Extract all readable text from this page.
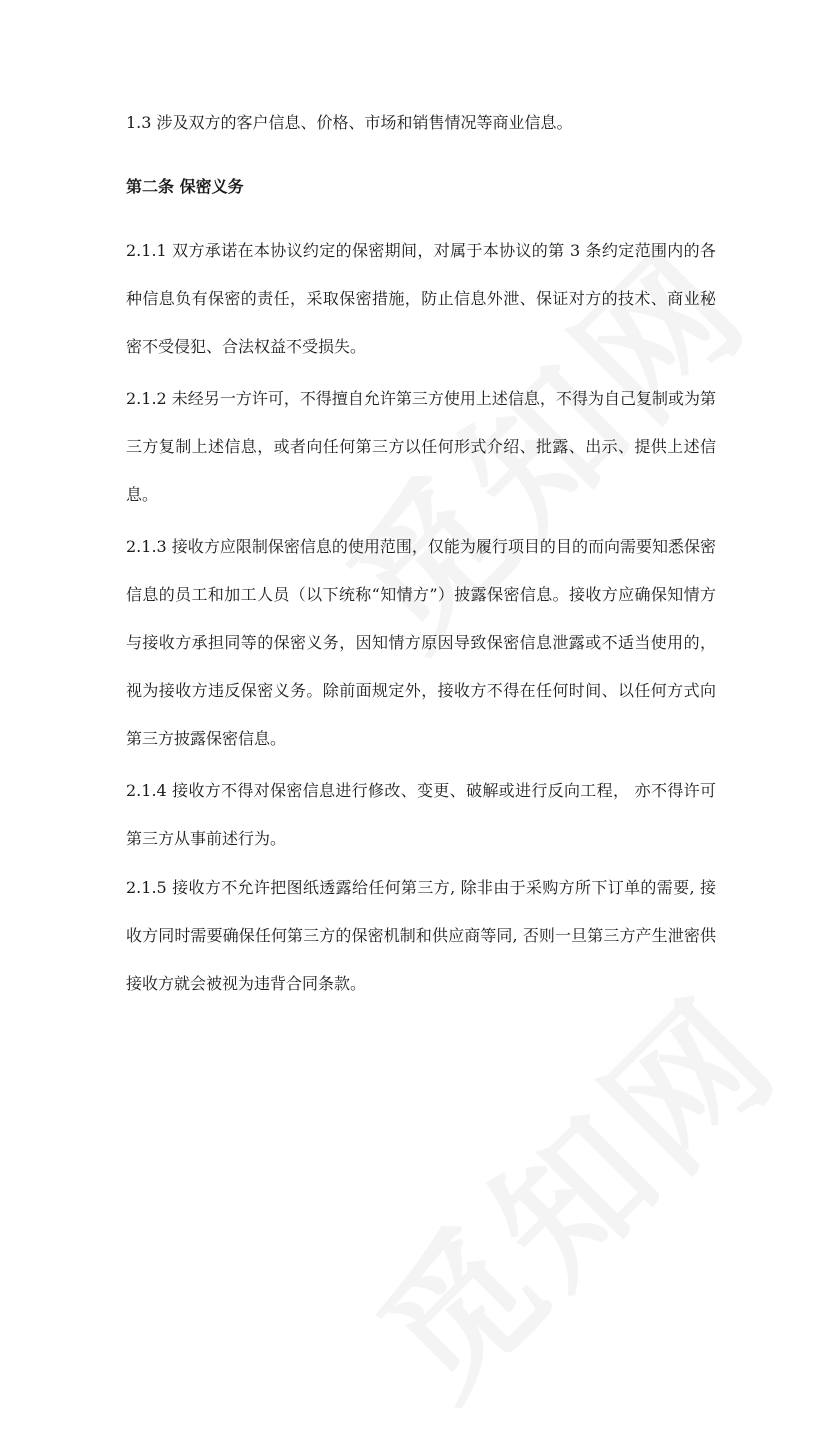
1.3 涉及双方的客户信息、价格、市场和销售情况等商业信息。

第二条 保密义务

2.1.1 双方承诺在本协议约定的保密期间，对属于本协议的第 3 条约定范围内的各种信息负有保密的责任，采取保密措施，防止信息外泄、保证对方的技术、商业秘密不受侵犯、合法权益不受损失。

2.1.2 未经另一方许可，不得擅自允许第三方使用上述信息，不得为自己复制或为第三方复制上述信息，或者向任何第三方以任何形式介绍、批露、出示、提供上述信息。

2.1.3 接收方应限制保密信息的使用范围，仅能为履行项目的目的而向需要知悉保密信息的员工和加工人员（以下统称“知情方”）披露保密信息。接收方应确保知情方与接收方承担同等的保密义务，因知情方原因导致保密信息泄露或不适当使用的，视为接收方违反保密义务。除前面规定外，接收方不得在任何时间、以任何方式向第三方披露保密信息。

2.1.4 接收方不得对保密信息进行修改、变更、破解或进行反向工程， 亦不得许可第三方从事前述行为。

2.1.5 接收方不允许把图纸透露给任何第三方, 除非由于采购方所下订单的需要, 接收方同时需要确保任何第三方的保密机制和供应商等同, 否则一旦第三方产生泄密供接收方就会被视为违背合同条款。
